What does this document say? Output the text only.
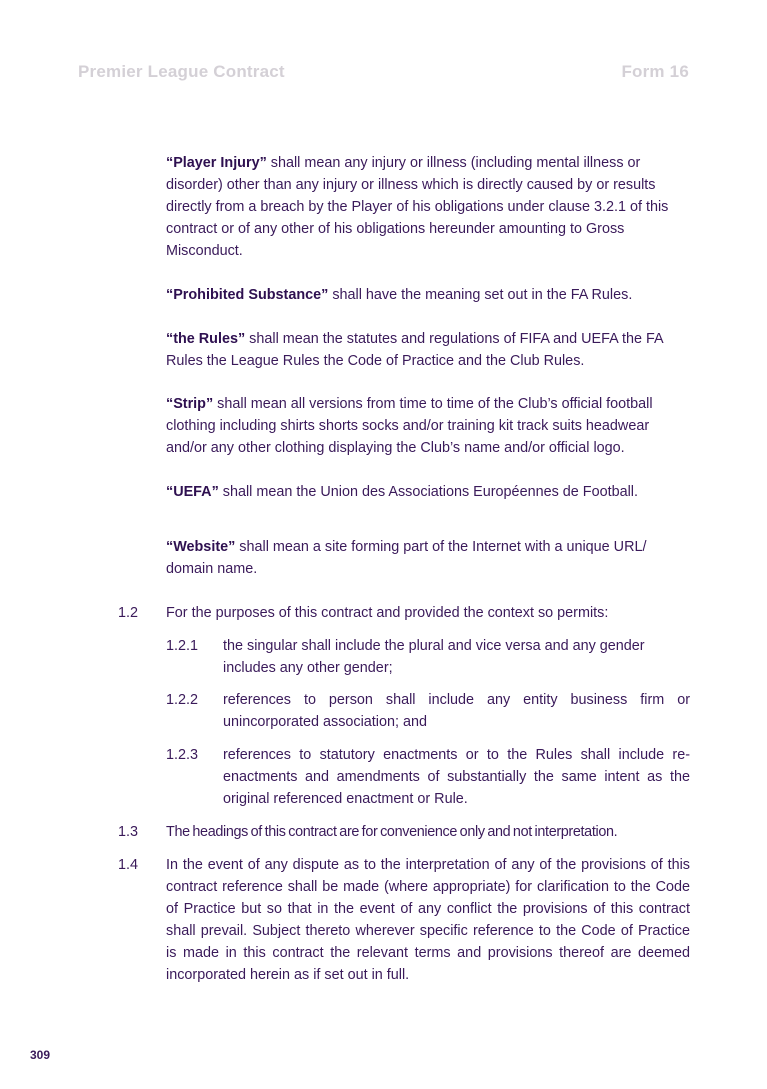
Premier League Contract	Form 16

“Player Injury” shall mean any injury or illness (including mental illness or disorder) other than any injury or illness which is directly caused by or results directly from a breach by the Player of his obligations under clause 3.2.1 of this contract or of any other of his obligations hereunder amounting to Gross Misconduct.

“Prohibited Substance” shall have the meaning set out in the FA Rules.

“the Rules” shall mean the statutes and regulations of FIFA and UEFA the FA Rules the League Rules the Code of Practice and the Club Rules.

“Strip” shall mean all versions from time to time of the Club’s official football clothing including shirts shorts socks and/or training kit track suits headwear and/or any other clothing displaying the Club’s name and/or official logo.

“UEFA” shall mean the Union des Associations Européennes de Football.

“Website” shall mean a site forming part of the Internet with a unique URL/ domain name.

1.2 For the purposes of this contract and provided the context so permits:
1.2.1 the singular shall include the plural and vice versa and any gender includes any other gender;
1.2.2 references to person shall include any entity business firm or unincorporated association; and
1.2.3 references to statutory enactments or to the Rules shall include re-enactments and amendments of substantially the same intent as the original referenced enactment or Rule.
1.3 The headings of this contract are for convenience only and not interpretation.
1.4 In the event of any dispute as to the interpretation of any of the provisions of this contract reference shall be made (where appropriate) for clarification to the Code of Practice but so that in the event of any conflict the provisions of this contract shall prevail. Subject thereto wherever specific reference to the Code of Practice is made in this contract the relevant terms and provisions thereof are deemed incorporated herein as if set out in full.
309
